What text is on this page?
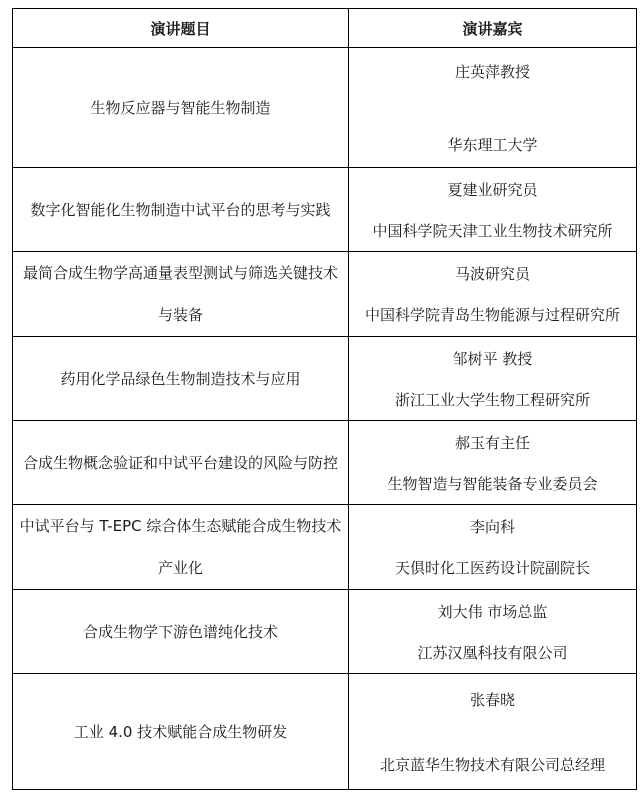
演讲题目	演讲嘉宾
生物反应器与智能生物制造	庄英萍教授
华东理工大学

数字化智能化生物制造中试平台的思考与实践	夏建业研究员
中国科学院天津工业生物技术研究所

最简合成生物学高通量表型测试与筛选关键技术与装备	马波研究员
中国科学院青岛生物能源与过程研究所

药用化学品绿色生物制造技术与应用	邹树平 教授
浙江工业大学生物工程研究所

合成生物概念验证和中试平台建设的风险与防控	郝玉有主任
生物智造与智能装备专业委员会

中试平台与 T-EPC 综合体生态赋能合成生物技术产业化	李向科
天俱时化工医药设计院副院长

合成生物学下游色谱纯化技术	刘大伟 市场总监
江苏汉凰科技有限公司

工业 4.0 技术赋能合成生物研发	张春晓
北京蓝华生物技术有限公司总经理
